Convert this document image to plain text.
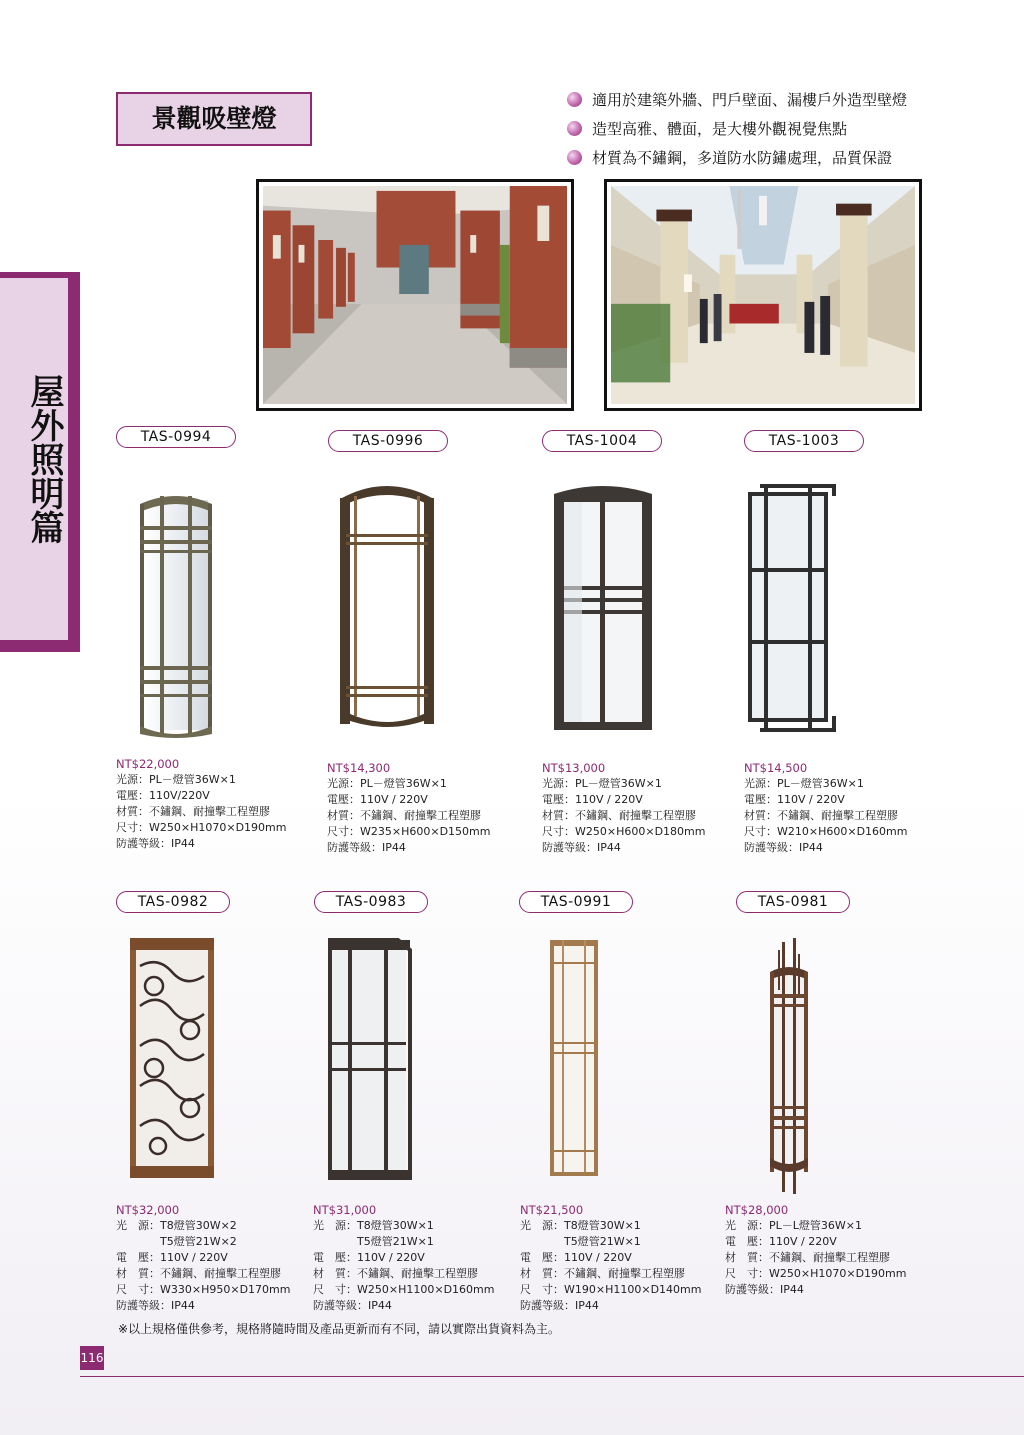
屋外照明篇
景觀吸壁燈
適用於建築外牆、門戶壁面、漏樓戶外造型壁燈
造型高雅、體面，是大樓外觀視覺焦點
材質為不鏽鋼，多道防水防鏽處理，品質保證
TAS-0994	TAS-0996	TAS-1004	TAS-1003
NT$22,000
光源：PL－燈管36W×1
電壓：110V/220V
材質：不鏽鋼、耐撞擊工程塑膠
尺寸：W250×H1070×D190mm
防護等級：IP44
NT$14,300
光源：PL－燈管36W×1
電壓：110V / 220V
材質：不鏽鋼、耐撞擊工程塑膠
尺寸：W235×H600×D150mm
防護等級：IP44
NT$13,000
光源：PL－燈管36W×1
電壓：110V / 220V
材質：不鏽鋼、耐撞擊工程塑膠
尺寸：W250×H600×D180mm
防護等級：IP44
NT$14,500
光源：PL－燈管36W×1
電壓：110V / 220V
材質：不鏽鋼、耐撞擊工程塑膠
尺寸：W210×H600×D160mm
防護等級：IP44
TAS-0982	TAS-0983	TAS-0991	TAS-0981
NT$32,000
光　源：T8燈管30W×2
　　　　T5燈管21W×2
電　壓：110V / 220V
材　質：不鏽鋼、耐撞擊工程塑膠
尺　寸：W330×H950×D170mm
防護等級：IP44
NT$31,000
光　源：T8燈管30W×1
　　　　T5燈管21W×1
電　壓：110V / 220V
材　質：不鏽鋼、耐撞擊工程塑膠
尺　寸：W250×H1100×D160mm
防護等級：IP44
NT$21,500
光　源：T8燈管30W×1
　　　　T5燈管21W×1
電　壓：110V / 220V
材　質：不鏽鋼、耐撞擊工程塑膠
尺　寸：W190×H1100×D140mm
防護等級：IP44
NT$28,000
光　源：PL－L燈管36W×1
電　壓：110V / 220V
材　質：不鏽鋼、耐撞擊工程塑膠
尺　寸：W250×H1070×D190mm
防護等級：IP44
※以上規格僅供參考，規格將隨時間及產品更新而有不同，請以實際出貨資料為主。
116
